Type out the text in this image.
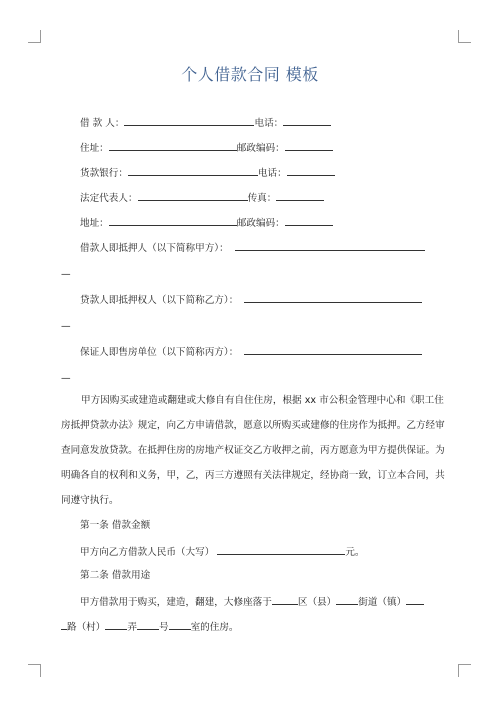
个人借款合同 模板
借 款 人：	电话：
住址：	邮政编码：
货款银行：	电话：
法定代表人：	传真：
地址：	邮政编码：
借款人即抵押人（以下简称甲方）：
—
贷款人即抵押权人（以下简称乙方）：
—
保证人即售房单位（以下简称丙方）：
—
甲方因购买或建造或翻建或大修自有自住住房，根据 xx 市公积金管理中心和《职工住房抵押贷款办法》规定，向乙方申请借款，愿意以所购买或建修的住房作为抵押。乙方经审查同意发放贷款。在抵押住房的房地产权证交乙方收押之前，丙方愿意为甲方提供保证。为明确各自的权利和义务，甲，乙，丙三方遵照有关法律规定，经协商一致，订立本合同，共同遵守执行。
第一条 借款金额
甲方向乙方借款人民币（大写）	元。
第二条 借款用途
甲方借款用于购买，建造，翻建，大修座落于	区（县） 街道（镇）
路（村） 弄 号 室的住房。
